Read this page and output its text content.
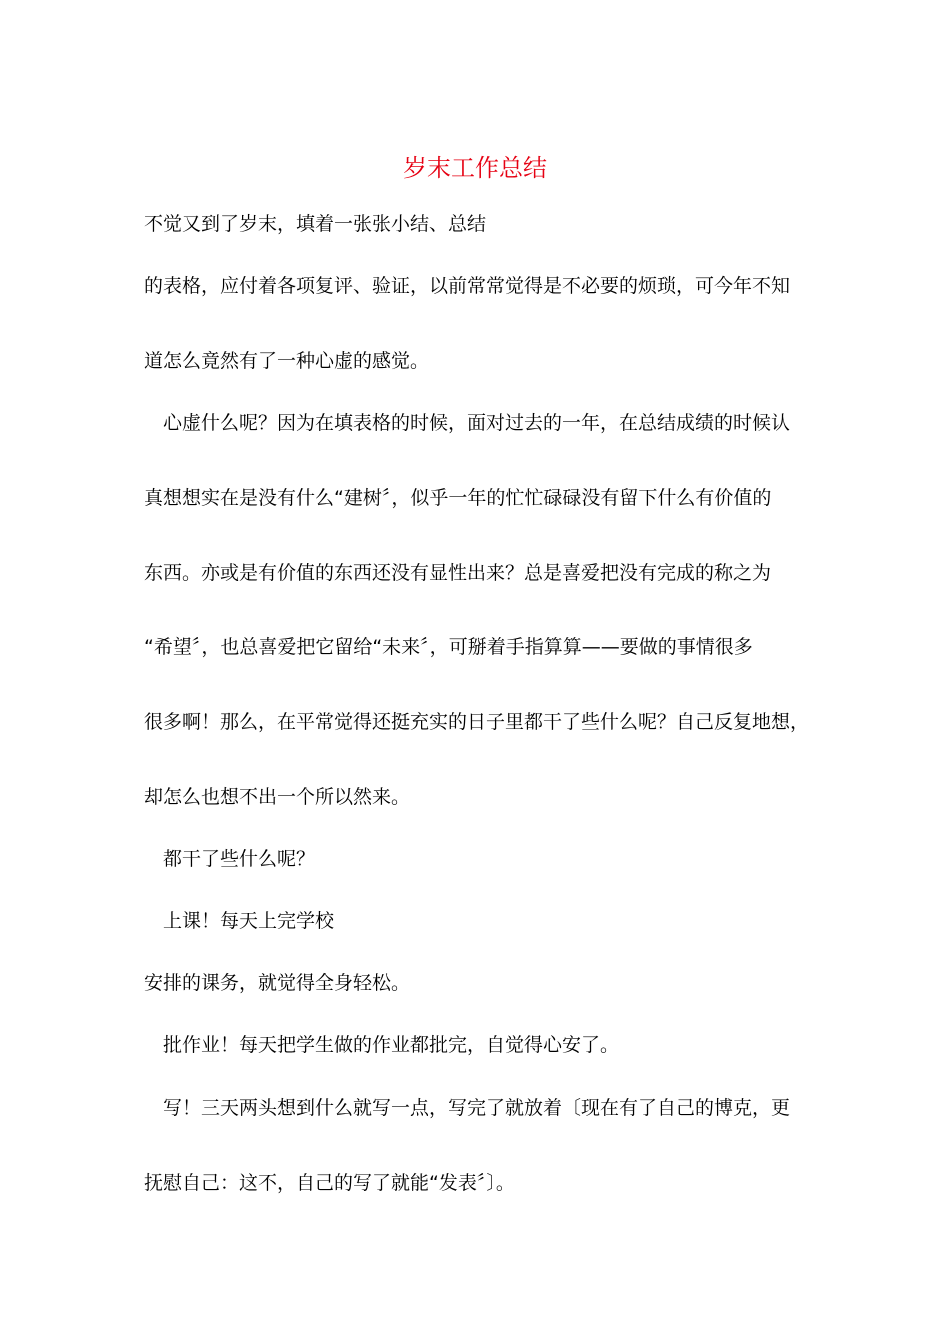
岁末工作总结

不觉又到了岁末，填着一张张小结、总结

的表格，应付着各项复评、验证，以前常常觉得是不必要的烦琐，可今年不知

道怎么竟然有了一种心虚的感觉。

心虚什么呢？因为在填表格的时候，面对过去的一年，在总结成绩的时候认

真想想实在是没有什么“建树〞，似乎一年的忙忙碌碌没有留下什么有价值的

东西。亦或是有价值的东西还没有显性出来？总是喜爱把没有完成的称之为

“希望〞，也总喜爱把它留给“未来〞，可掰着手指算算——要做的事情很多

很多啊！那么，在平常觉得还挺充实的日子里都干了些什么呢？自己反复地想，

却怎么也想不出一个所以然来。

都干了些什么呢？

上课！每天上完学校

安排的课务，就觉得全身轻松。

批作业！每天把学生做的作业都批完，自觉得心安了。

写！三天两头想到什么就写一点，写完了就放着〔现在有了自己的博克，更

抚慰自己：这不，自己的写了就能“发表〞〕。
